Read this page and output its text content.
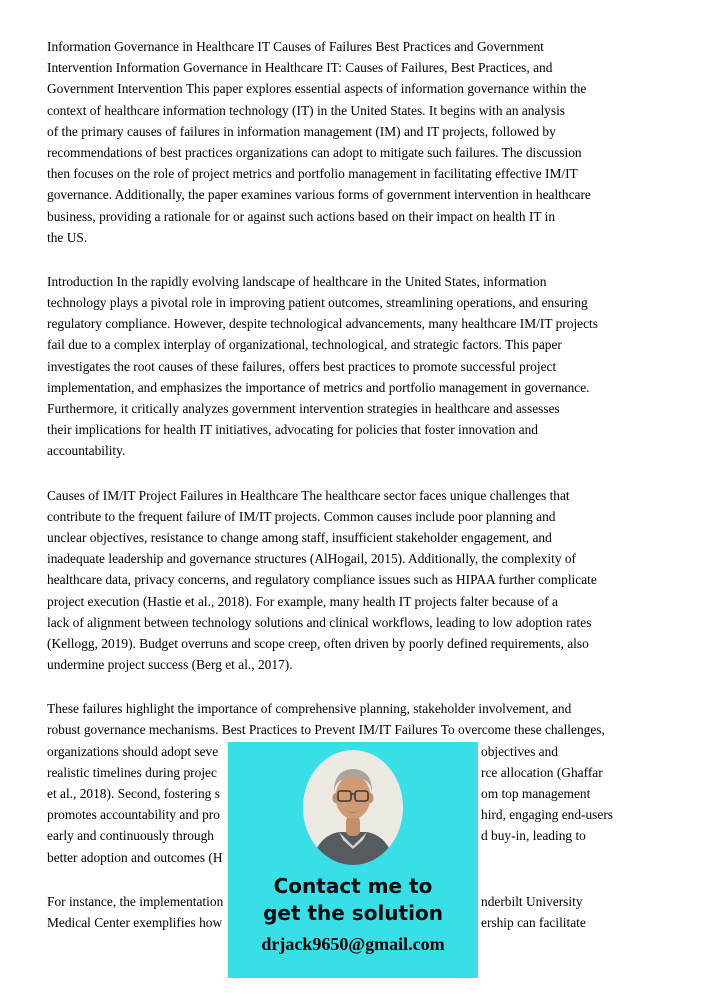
Information Governance in Healthcare IT Causes of Failures Best Practices and Government
Intervention Information Governance in Healthcare IT: Causes of Failures, Best Practices, and
Government Intervention This paper explores essential aspects of information governance within the
context of healthcare information technology (IT) in the United States. It begins with an analysis
of the primary causes of failures in information management (IM) and IT projects, followed by
recommendations of best practices organizations can adopt to mitigate such failures. The discussion
then focuses on the role of project metrics and portfolio management in facilitating effective IM/IT
governance. Additionally, the paper examines various forms of government intervention in healthcare
business, providing a rationale for or against such actions based on their impact on health IT in
the US.
Introduction In the rapidly evolving landscape of healthcare in the United States, information
technology plays a pivotal role in improving patient outcomes, streamlining operations, and ensuring
regulatory compliance. However, despite technological advancements, many healthcare IM/IT projects
fail due to a complex interplay of organizational, technological, and strategic factors. This paper
investigates the root causes of these failures, offers best practices to promote successful project
implementation, and emphasizes the importance of metrics and portfolio management in governance.
Furthermore, it critically analyzes government intervention strategies in healthcare and assesses
their implications for health IT initiatives, advocating for policies that foster innovation and
accountability.
Causes of IM/IT Project Failures in Healthcare The healthcare sector faces unique challenges that
contribute to the frequent failure of IM/IT projects. Common causes include poor planning and
unclear objectives, resistance to change among staff, insufficient stakeholder engagement, and
inadequate leadership and governance structures (AlHogail, 2015). Additionally, the complexity of
healthcare data, privacy concerns, and regulatory compliance issues such as HIPAA further complicate
project execution (Hastie et al., 2018). For example, many health IT projects falter because of a
lack of alignment between technology solutions and clinical workflows, leading to low adoption rates
(Kellogg, 2019). Budget overruns and scope creep, often driven by poorly defined requirements, also
undermine project success (Berg et al., 2017).
These failures highlight the importance of comprehensive planning, stakeholder involvement, and
robust governance mechanisms. Best Practices to Prevent IM/IT Failures To overcome these challenges,
organizations should adopt seve	objectives and
realistic timelines during projec	rce allocation (Ghaffar
et al., 2018). Second, fostering s	om top management
promotes accountability and pro	hird, engaging end-users
early and continuously through	d buy-in, leading to
better adoption and outcomes (H
For instance, the implementation	nderbilt University
Medical Center exemplifies how	ership can facilitate
Contact me to
get the solution
drjack9650@gmail.com
